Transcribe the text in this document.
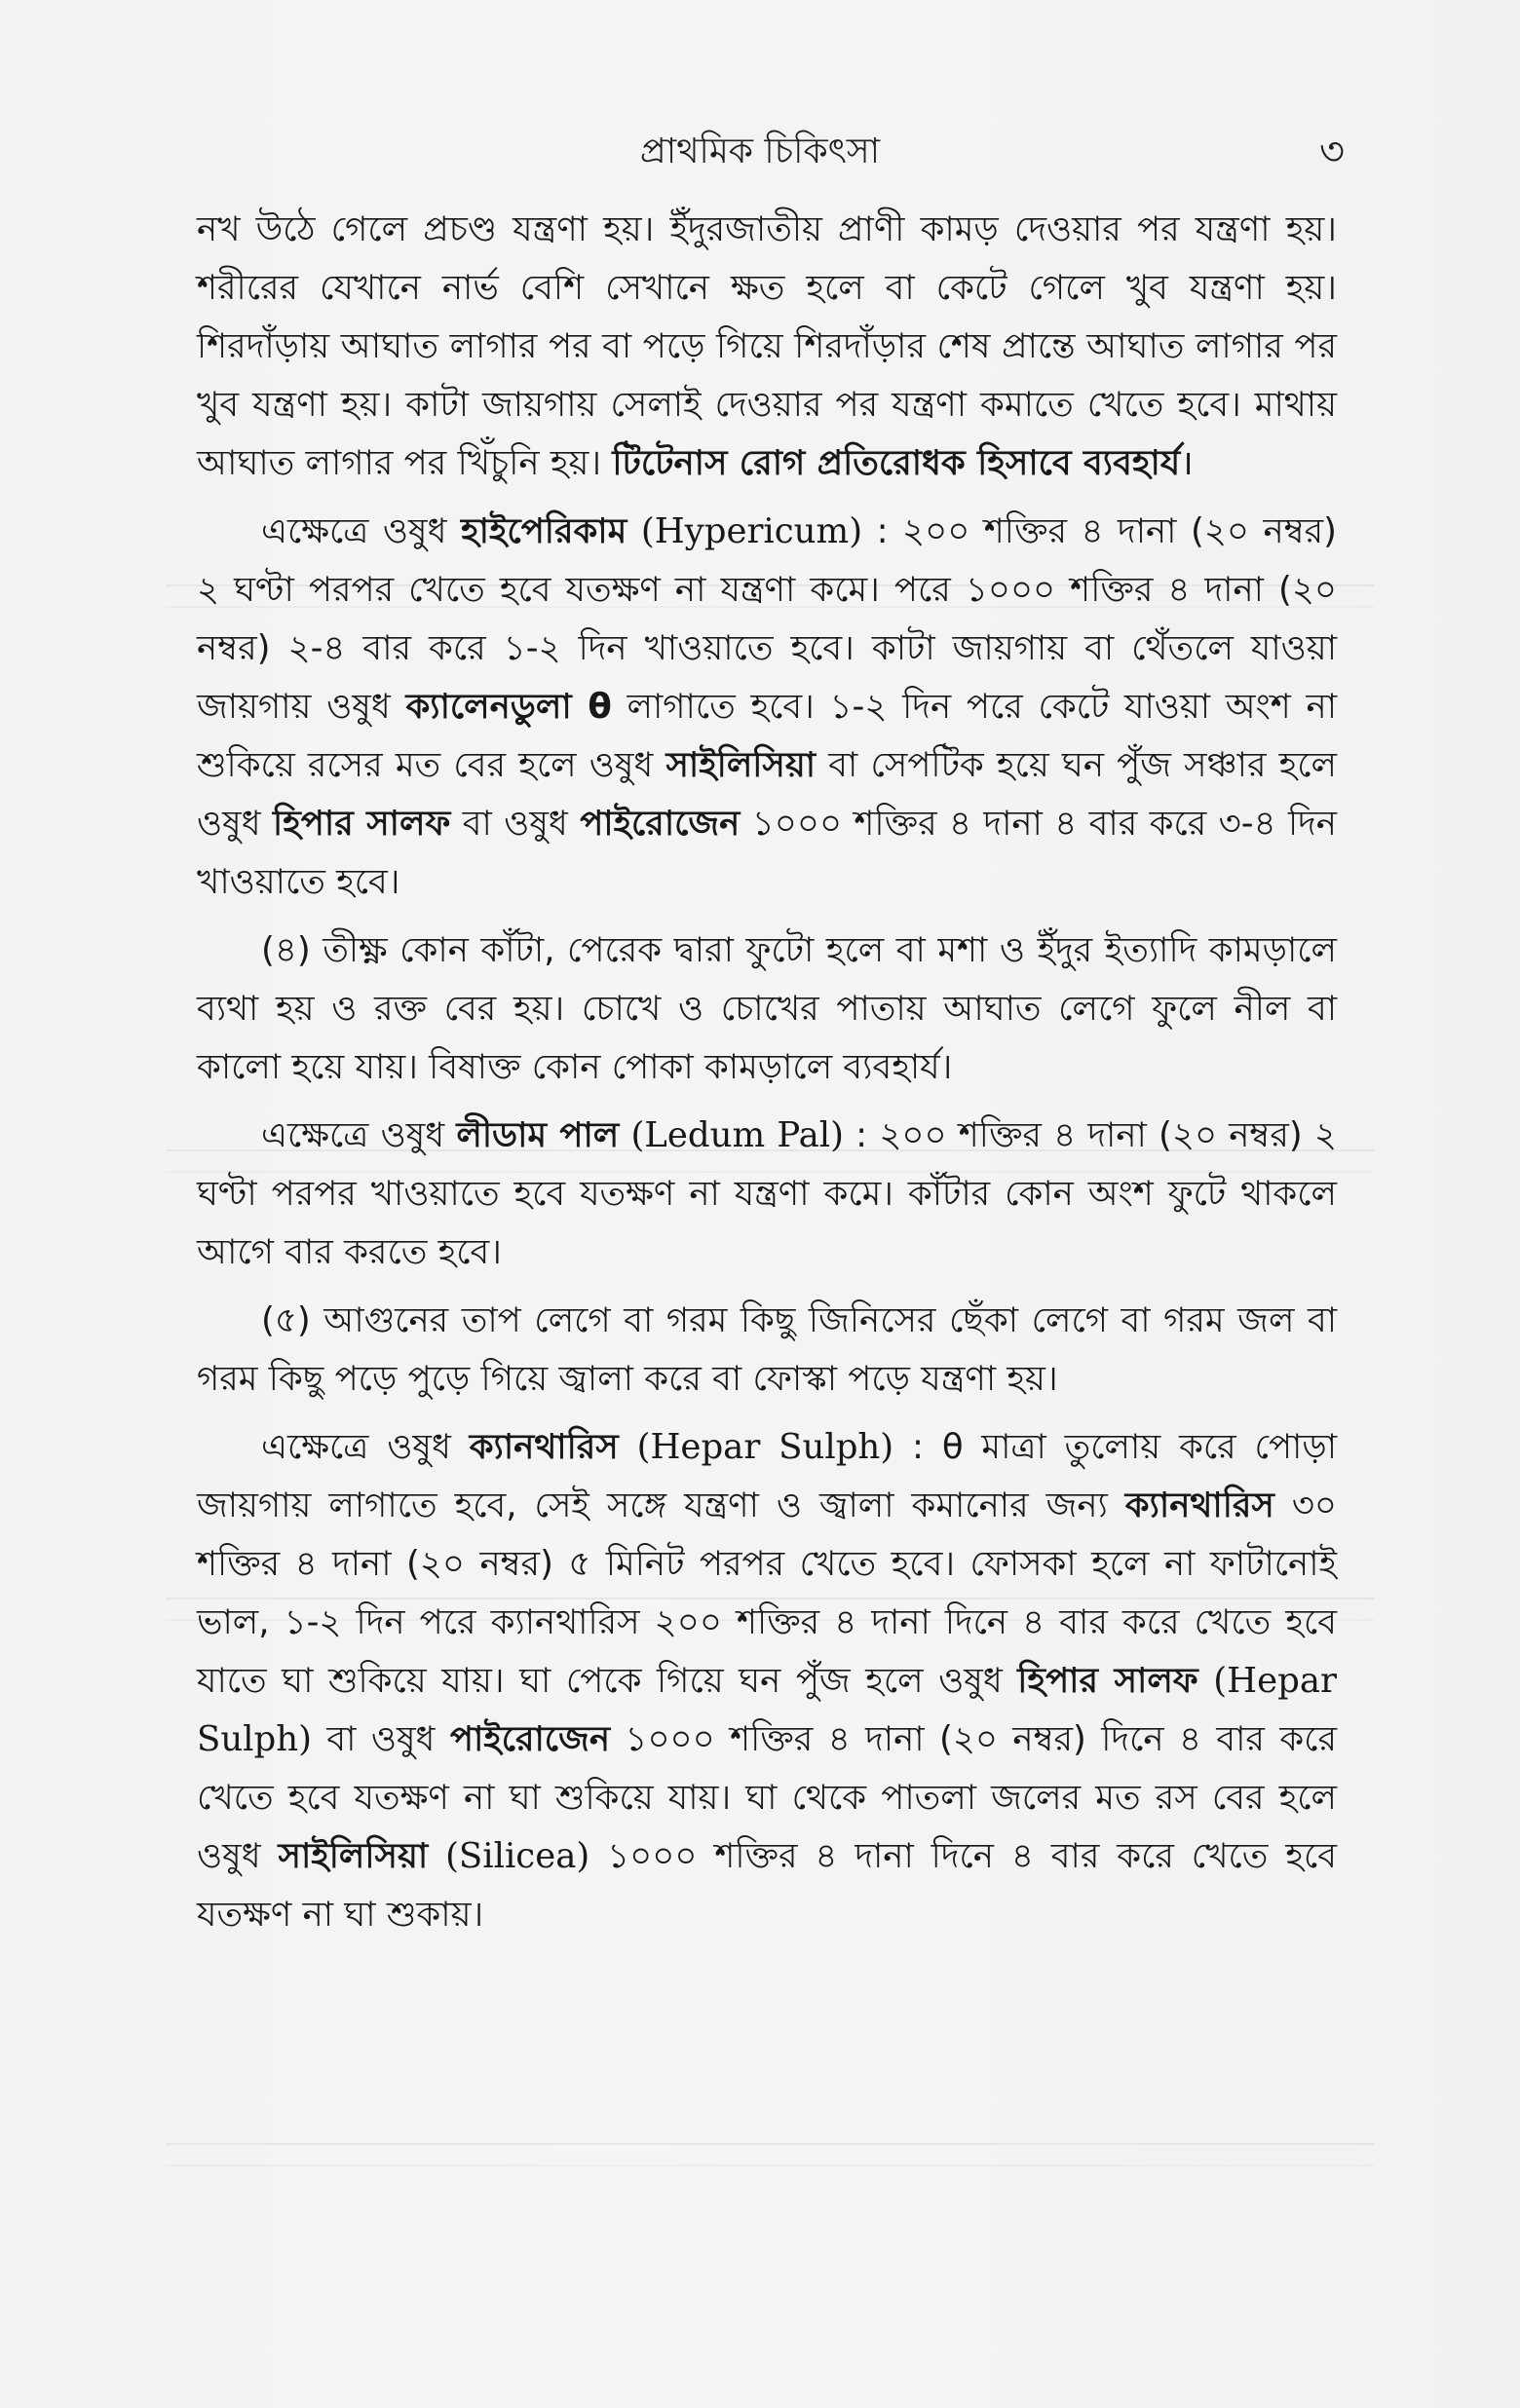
প্রাথমিক চিকিৎসা	৩

নখ উঠে গেলে প্রচণ্ড যন্ত্রণা হয়। ইঁদুরজাতীয় প্রাণী কামড় দেওয়ার পর যন্ত্রণা হয়। শরীরের যেখানে নার্ভ বেশি সেখানে ক্ষত হলে বা কেটে গেলে খুব যন্ত্রণা হয়। শিরদাঁড়ায় আঘাত লাগার পর বা পড়ে গিয়ে শিরদাঁড়ার শেষ প্রান্তে আঘাত লাগার পর খুব যন্ত্রণা হয়। কাটা জায়গায় সেলাই দেওয়ার পর যন্ত্রণা কমাতে খেতে হবে। মাথায় আঘাত লাগার পর খিঁচুনি হয়। টিটেনাস রোগ প্রতিরোধক হিসাবে ব্যবহার্য।

এক্ষেত্রে ওষুধ হাইপেরিকাম (Hypericum) : ২০০ শক্তির ৪ দানা (২০ নম্বর) ২ ঘণ্টা পরপর খেতে হবে যতক্ষণ না যন্ত্রণা কমে। পরে ১০০০ শক্তির ৪ দানা (২০ নম্বর) ২-৪ বার করে ১-২ দিন খাওয়াতে হবে। কাটা জায়গায় বা থেঁতলে যাওয়া জায়গায় ওষুধ ক্যালেনডুলা θ লাগাতে হবে। ১-২ দিন পরে কেটে যাওয়া অংশ না শুকিয়ে রসের মত বের হলে ওষুধ সাইলিসিয়া বা সেপটিক হয়ে ঘন পুঁজ সঞ্চার হলে ওষুধ হিপার সালফ বা ওষুধ পাইরোজেন ১০০০ শক্তির ৪ দানা ৪ বার করে ৩-৪ দিন খাওয়াতে হবে।

(৪) তীক্ষ্ণ কোন কাঁটা, পেরেক দ্বারা ফুটো হলে বা মশা ও ইঁদুর ইত্যাদি কামড়ালে ব্যথা হয় ও রক্ত বের হয়। চোখে ও চোখের পাতায় আঘাত লেগে ফুলে নীল বা কালো হয়ে যায়। বিষাক্ত কোন পোকা কামড়ালে ব্যবহার্য।

এক্ষেত্রে ওষুধ লীডাম পাল (Ledum Pal) : ২০০ শক্তির ৪ দানা (২০ নম্বর) ২ ঘণ্টা পরপর খাওয়াতে হবে যতক্ষণ না যন্ত্রণা কমে। কাঁটার কোন অংশ ফুটে থাকলে আগে বার করতে হবে।

(৫) আগুনের তাপ লেগে বা গরম কিছু জিনিসের ছেঁকা লেগে বা গরম জল বা গরম কিছু পড়ে পুড়ে গিয়ে জ্বালা করে বা ফোস্কা পড়ে যন্ত্রণা হয়।

এক্ষেত্রে ওষুধ ক্যানথারিস (Hepar Sulph) : θ মাত্রা তুলোয় করে পোড়া জায়গায় লাগাতে হবে, সেই সঙ্গে যন্ত্রণা ও জ্বালা কমানোর জন্য ক্যানথারিস ৩০ শক্তির ৪ দানা (২০ নম্বর) ৫ মিনিট পরপর খেতে হবে। ফোসকা হলে না ফাটানোই ভাল, ১-২ দিন পরে ক্যানথারিস ২০০ শক্তির ৪ দানা দিনে ৪ বার করে খেতে হবে যাতে ঘা শুকিয়ে যায়। ঘা পেকে গিয়ে ঘন পুঁজ হলে ওষুধ হিপার সালফ (Hepar Sulph) বা ওষুধ পাইরোজেন ১০০০ শক্তির ৪ দানা (২০ নম্বর) দিনে ৪ বার করে খেতে হবে যতক্ষণ না ঘা শুকিয়ে যায়। ঘা থেকে পাতলা জলের মত রস বের হলে ওষুধ সাইলিসিয়া (Silicea) ১০০০ শক্তির ৪ দানা দিনে ৪ বার করে খেতে হবে যতক্ষণ না ঘা শুকায়।
